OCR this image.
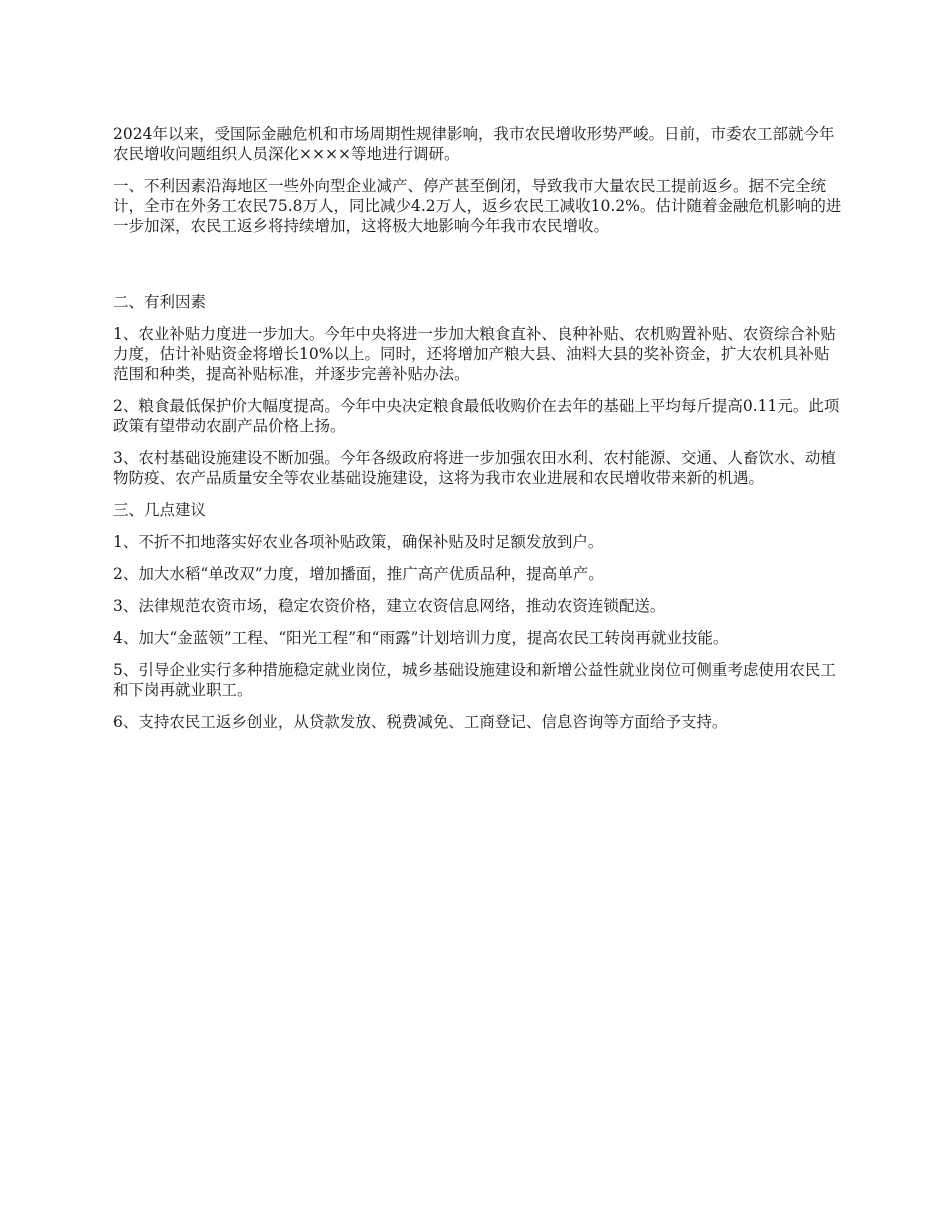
2024年以来，受国际金融危机和市场周期性规律影响，我市农民增收形势严峻。日前，市委农工部就今年农民增收问题组织人员深化××××等地进行调研。

一、不利因素沿海地区一些外向型企业减产、停产甚至倒闭，导致我市大量农民工提前返乡。据不完全统计，全市在外务工农民75.8万人，同比减少4.2万人，返乡农民工减收10.2%。估计随着金融危机影响的进一步加深，农民工返乡将持续增加，这将极大地影响今年我市农民增收。

二、有利因素

1、农业补贴力度进一步加大。今年中央将进一步加大粮食直补、良种补贴、农机购置补贴、农资综合补贴力度，估计补贴资金将增长10%以上。同时，还将增加产粮大县、油料大县的奖补资金，扩大农机具补贴范围和种类，提高补贴标准，并逐步完善补贴办法。

2、粮食最低保护价大幅度提高。今年中央决定粮食最低收购价在去年的基础上平均每斤提高0.11元。此项政策有望带动农副产品价格上扬。

3、农村基础设施建设不断加强。今年各级政府将进一步加强农田水利、农村能源、交通、人畜饮水、动植物防疫、农产品质量安全等农业基础设施建设，这将为我市农业进展和农民增收带来新的机遇。

三、几点建议

1、不折不扣地落实好农业各项补贴政策，确保补贴及时足额发放到户。

2、加大水稻“单改双”力度，增加播面，推广高产优质品种，提高单产。

3、法律规范农资市场，稳定农资价格，建立农资信息网络，推动农资连锁配送。

4、加大“金蓝领”工程、“阳光工程”和“雨露”计划培训力度，提高农民工转岗再就业技能。

5、引导企业实行多种措施稳定就业岗位，城乡基础设施建设和新增公益性就业岗位可侧重考虑使用农民工和下岗再就业职工。

6、支持农民工返乡创业，从贷款发放、税费减免、工商登记、信息咨询等方面给予支持。
